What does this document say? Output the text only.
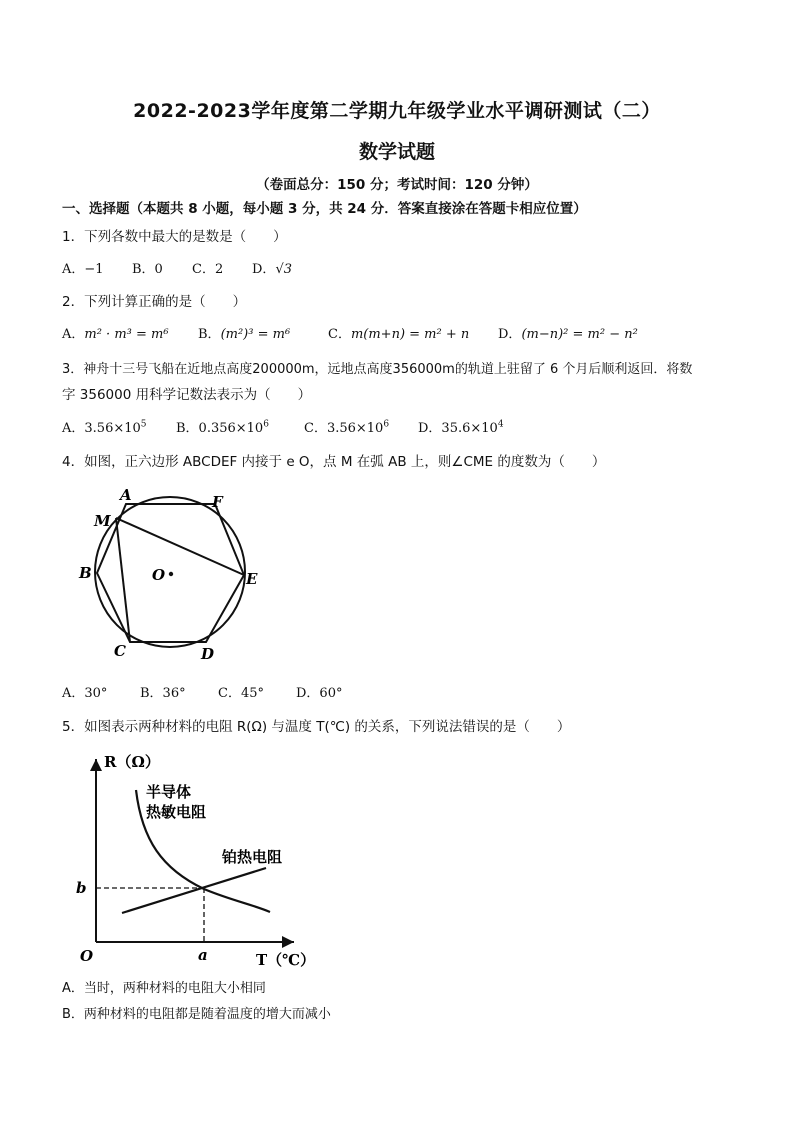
2022-2023学年度第二学期九年级学业水平调研测试（二）
数学试题
（卷面总分：150 分；考试时间：120 分钟）
一、选择题（本题共 8 小题，每小题 3 分，共 24 分．答案直接涂在答题卡相应位置）
1．下列各数中最大的是数是（　　）
A．−1 B．0 C．2 D．√3
2．下列计算正确的是（　　）
A．m² · m³ = m⁶ B．(m²)³ = m⁶	C．m(m+n) = m² + n D．(m−n)² = m² − n²
3．神舟十三号飞船在近地点高度200000m，远地点高度356000m的轨道上驻留了 6 个月后顺利返回．将数
字 356000 用科学记数法表示为（　　）
A．$3.56\times 10^5$ B．$0.356\times 10^6$	C．$3.56\times 10^6$ D．$35.6\times 10^4$
4．如图，正六边形 ABCDEF 内接于 e O，点 M 在弧 AB 上，则∠CME 的度数为（　　）
A	F
M
B	O	E
C	D
A．30°	B．36° C．45° D．60°
5．如图表示两种材料的电阻 R(Ω) 与温度 T(℃) 的关系，下列说法错误的是（　　）
R（Ω）
T（℃）
O	a
b
半导体
热敏电阻
铂热电阻
A．当时，两种材料的电阻大小相同
B．两种材料的电阻都是随着温度的增大而减小
